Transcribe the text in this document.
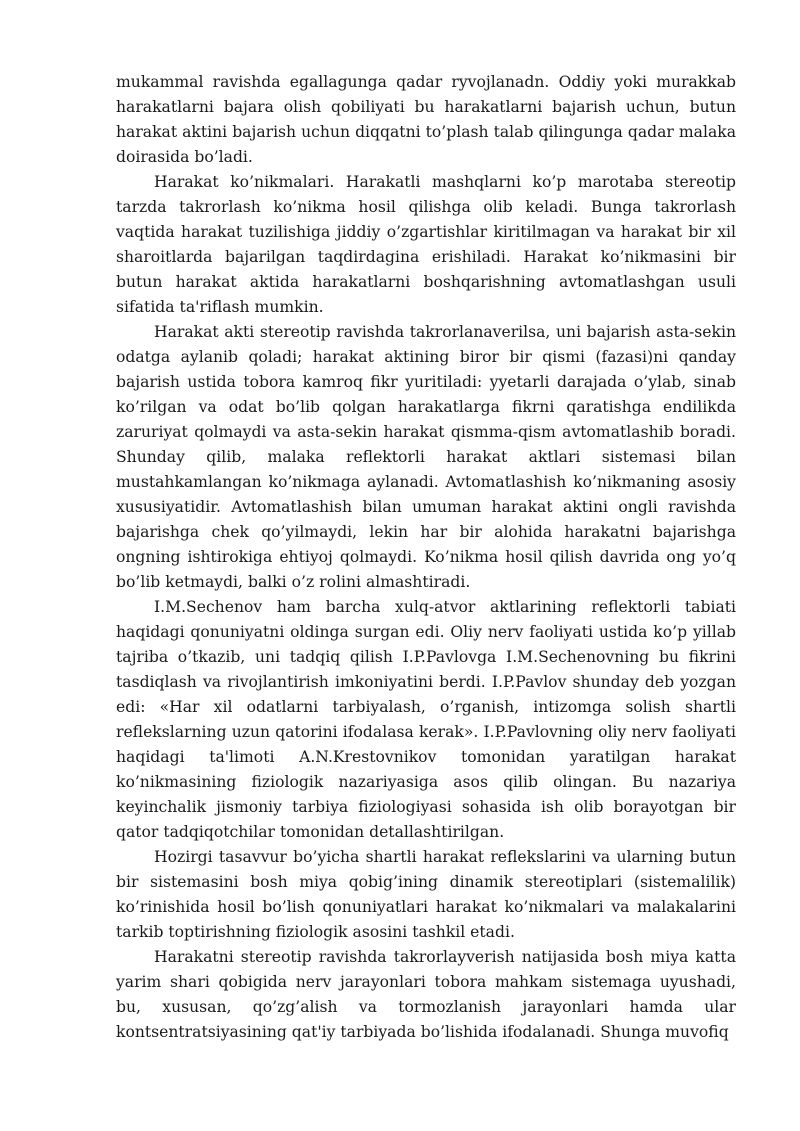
mukammal ravishda egallagunga qadar ryvojlanadn. Oddiy yoki murakkab harakatlarni bajara olish qobiliyati bu harakatlarni bajarish uchun, butun harakat aktini bajarish uchun diqqatni to’plash talab qilingunga qadar malaka doirasida bo’ladi.

Harakat ko’nikmalari. Harakatli mashqlarni ko’p marotaba stereotip tarzda takrorlash ko’nikma hosil qilishga olib keladi. Bunga takrorlash vaqtida harakat tuzilishiga jiddiy o’zgartishlar kiritilmagan va harakat bir xil sharoitlarda bajarilgan taqdirdagina erishiladi. Harakat ko’nikmasini bir butun harakat aktida harakatlarni boshqarishning avtomatlashgan usuli sifatida ta'riflash mumkin.

Harakat akti stereotip ravishda takrorlanaverilsa, uni bajarish asta-sekin odatga aylanib qoladi; harakat aktining biror bir qismi (fazasi)ni qanday bajarish ustida tobora kamroq fikr yuritiladi: yyetarli darajada o’ylab, sinab ko’rilgan va odat bo’lib qolgan harakatlarga fikrni qaratishga endilikda zaruriyat qolmaydi va asta-sekin harakat qismma-qism avtomatlashib boradi. Shunday qilib, malaka reflektorli harakat aktlari sistemasi bilan mustahkamlangan ko’nikmaga aylanadi. Avtomatlashish ko’nikmaning asosiy xususiyatidir. Avtomatlashish bilan umuman harakat aktini ongli ravishda bajarishga chek qo’yilmaydi, lekin har bir alohida harakatni bajarishga ongning ishtirokiga ehtiyoj qolmaydi. Ko’nikma hosil qilish davrida ong yo’q bo’lib ketmaydi, balki o’z rolini almashtiradi.

I.M.Sechenov ham barcha xulq-atvor aktlarining reflektorli tabiati haqidagi qonuniyatni oldinga surgan edi. Oliy nerv faoliyati ustida ko’p yillab tajriba o’tkazib, uni tadqiq qilish I.P.Pavlovga I.M.Sechenovning bu fikrini tasdiqlash va rivojlantirish imkoniyatini berdi. I.P.Pavlov shunday deb yozgan edi: «Har xil odatlarni tarbiyalash, o’rganish, intizomga solish shartli reflekslarning uzun qatorini ifodalasa kerak». I.P.Pavlovning oliy nerv faoliyati haqidagi ta'limoti A.N.Krestovnikov tomonidan yaratilgan harakat ko’nikmasining fiziologik nazariyasiga asos qilib olingan. Bu nazariya keyinchalik jismoniy tarbiya fiziologiyasi sohasida ish olib borayotgan bir qator tadqiqotchilar tomonidan detallashtirilgan.

Hozirgi tasavvur bo’yicha shartli harakat reflekslarini va ularning butun bir sistemasini bosh miya qobig’ining dinamik stereotiplari (sistemalilik) ko’rinishida hosil bo’lish qonuniyatlari harakat ko’nikmalari va malakalarini tarkib toptirishning fiziologik asosini tashkil etadi.

Harakatni stereotip ravishda takrorlayverish natijasida bosh miya katta yarim shari qobigida nerv jarayonlari tobora mahkam sistemaga uyushadi, bu, xususan, qo’zg’alish va tormozlanish jarayonlari hamda ular kontsentratsiyasining qat'iy tarbiyada bo’lishida ifodalanadi. Shunga muvofiq
